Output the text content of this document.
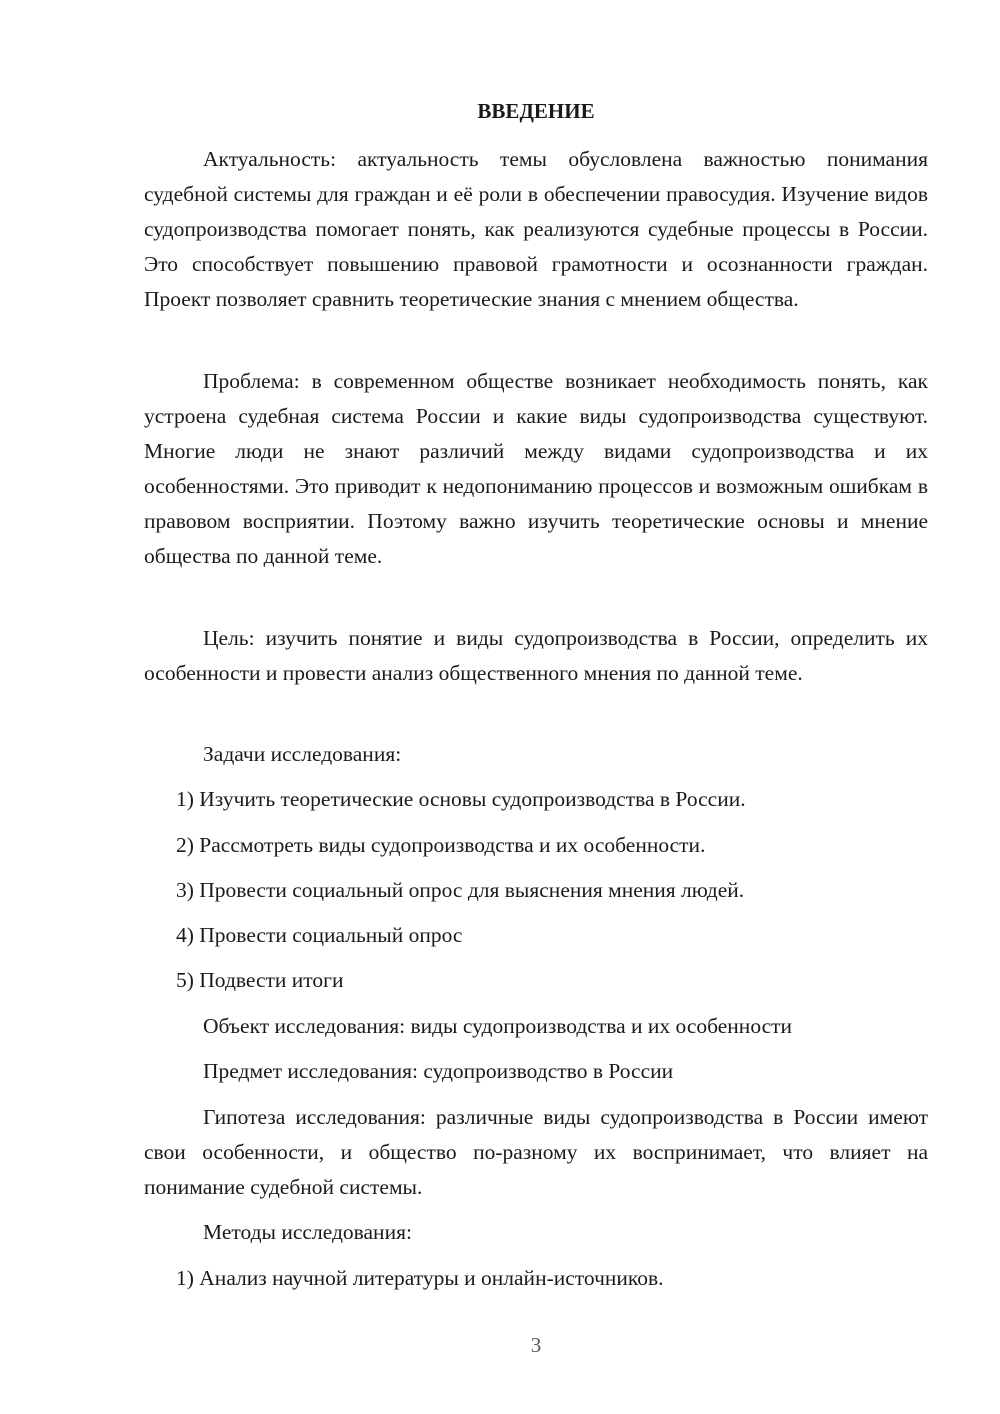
ВВЕДЕНИЕ

Актуальность: актуальность темы обусловлена важностью понимания судебной системы для граждан и её роли в обеспечении правосудия. Изучение видов судопроизводства помогает понять, как реализуются судебные процессы в России. Это способствует повышению правовой грамотности и осознанности граждан. Проект позволяет сравнить теоретические знания с мнением общества.

Проблема: в современном обществе возникает необходимость понять, как устроена судебная система России и какие виды судопроизводства существуют. Многие люди не знают различий между видами судопроизводства и их особенностями. Это приводит к недопониманию процессов и возможным ошибкам в правовом восприятии. Поэтому важно изучить теоретические основы и мнение общества по данной теме.

Цель: изучить понятие и виды судопроизводства в России, определить их особенности и провести анализ общественного мнения по данной теме.

Задачи исследования:

1) Изучить теоретические основы судопроизводства в России.

2) Рассмотреть виды судопроизводства и их особенности.

3) Провести социальный опрос для выяснения мнения людей.

4) Провести социальный опрос

5) Подвести итоги

Объект исследования: виды судопроизводства и их особенности

Предмет исследования: судопроизводство в России

Гипотеза исследования: различные виды судопроизводства в России имеют свои особенности, и общество по-разному их воспринимает, что влияет на понимание судебной системы.

Методы исследования:

1) Анализ научной литературы и онлайн-источников.

3
